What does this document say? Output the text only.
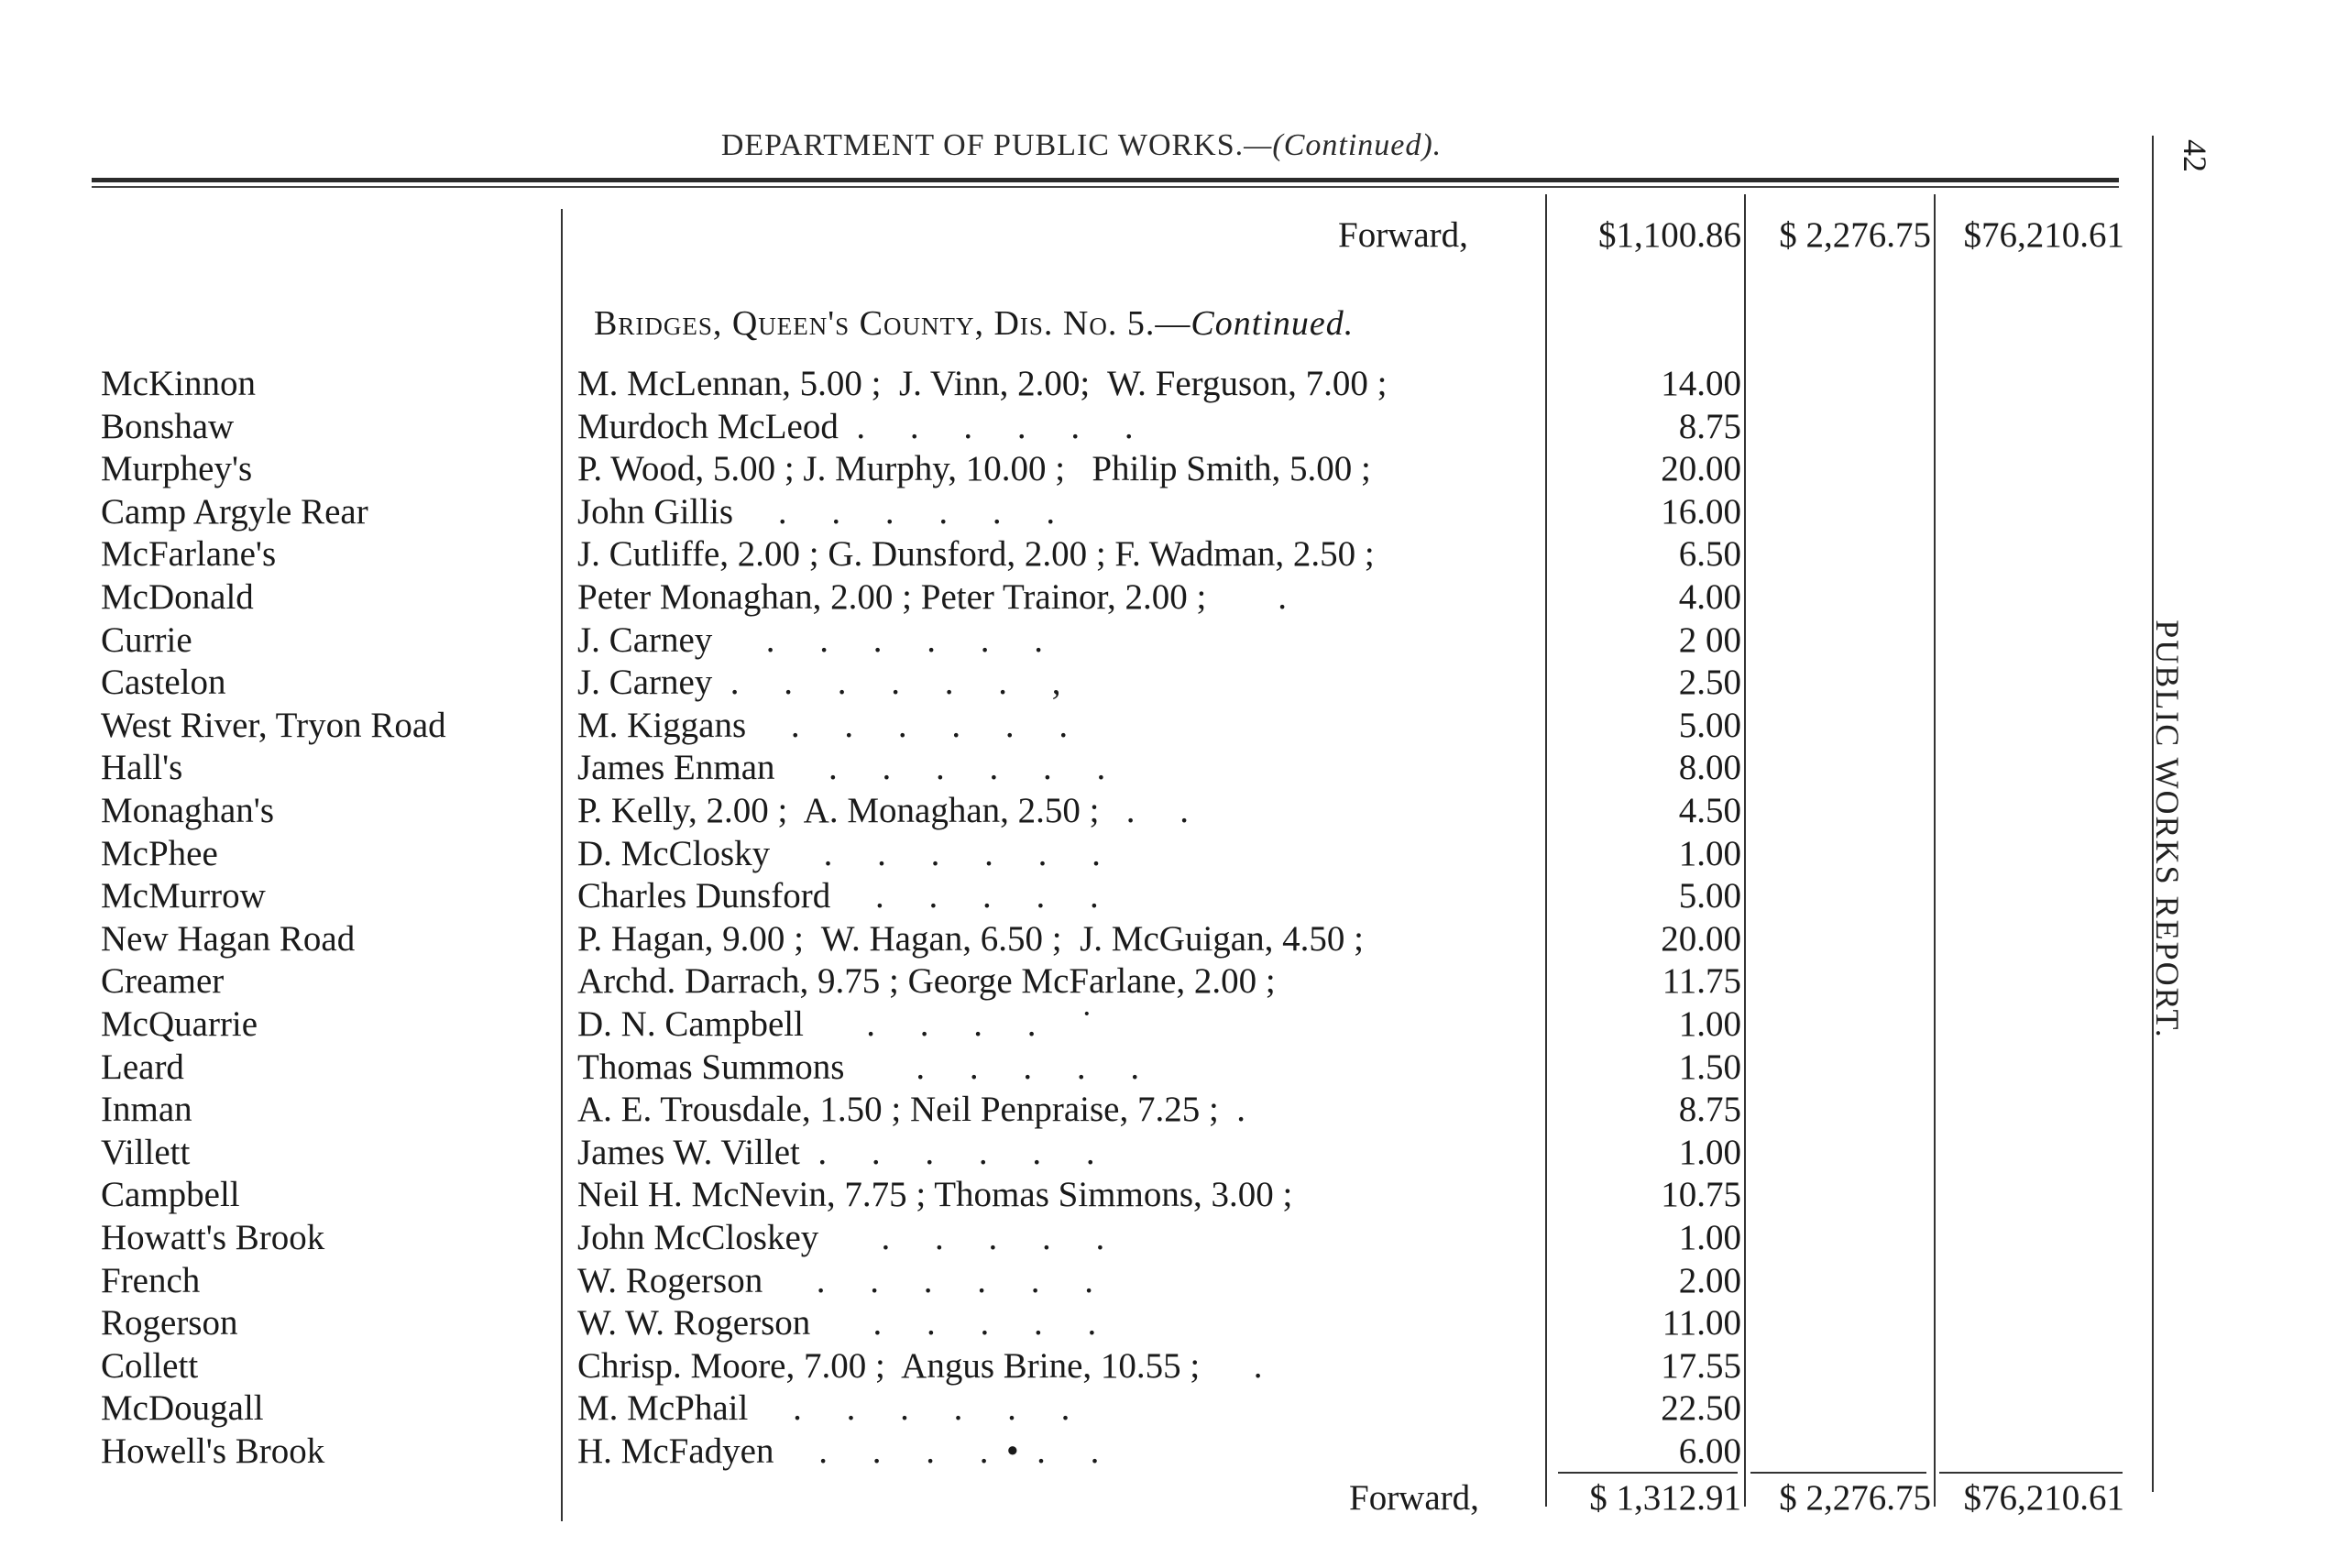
DEPARTMENT OF PUBLIC WORKS.—(Continued).	42
PUBLIC WORKS REPORT.
Forward,	$1,100.86	$ 2,276.75 $76,210.61
Bridges, Queen's County, Dis. No. 5.—Continued.
McKinnon	M. McLennan, 5.00 ;  J. Vinn, 2.00;  W. Ferguson, 7.00 ;	14.00
Bonshaw	Murdoch McLeod  .     .     .     .     .     .	8.75
Murphey's	P. Wood, 5.00 ; J. Murphy, 10.00 ;   Philip Smith, 5.00 ;	20.00
Camp Argyle Rear	John Gillis     .     .     .     .     .     .	16.00
McFarlane's	J. Cutliffe, 2.00 ; G. Dunsford, 2.00 ; F. Wadman, 2.50 ;	6.50
McDonald	Peter Monaghan, 2.00 ; Peter Trainor, 2.00 ;        .	4.00
Currie	J. Carney      .     .     .     .     .     .	2 00
Castelon	J. Carney  .     .     .     .     .     .     ,	2.50
West River, Tryon Road	M. Kiggans     .     .     .     .     .     .	5.00
Hall's	James Enman      .     .     .     .     .     .	8.00
Monaghan's	P. Kelly, 2.00 ;  A. Monaghan, 2.50 ;   .     .	4.50
McPhee	D. McClosky      .     .     .     .     .     .	1.00
McMurrow	Charles Dunsford     .     .     .     .     .	5.00
New Hagan Road	P. Hagan, 9.00 ;  W. Hagan, 6.50 ;  J. McGuigan, 4.50 ;	20.00
Creamer	Archd. Darrach, 9.75 ; George McFarlane, 2.00 ;	11.75
McQuarrie	D. N. Campbell       .     .     .     .     ˙	1.00
Leard	Thomas Summons        .     .     .     .     .	1.50
Inman	A. E. Trousdale, 1.50 ; Neil Penpraise, 7.25 ;  .	8.75
Villett	James W. Villet  .     .     .     .     .     .	1.00
Campbell	Neil H. McNevin, 7.75 ; Thomas Simmons, 3.00 ;	10.75
Howatt's Brook	John McCloskey       .     .     .     .     .	1.00
French	W. Rogerson      .     .     .     .     .     .	2.00
Rogerson	W. W. Rogerson       .     .     .     .     .	11.00
Collett	Chrisp. Moore, 7.00 ;  Angus Brine, 10.55 ;      .	17.55
McDougall	M. McPhail     .     .     .     .     .     .	22.50
Howell's Brook	H. McFadyen     .     .     .     .  •  .     .	6.00
Forward,	$ 1,312.91	$ 2,276.75 $76,210.61
